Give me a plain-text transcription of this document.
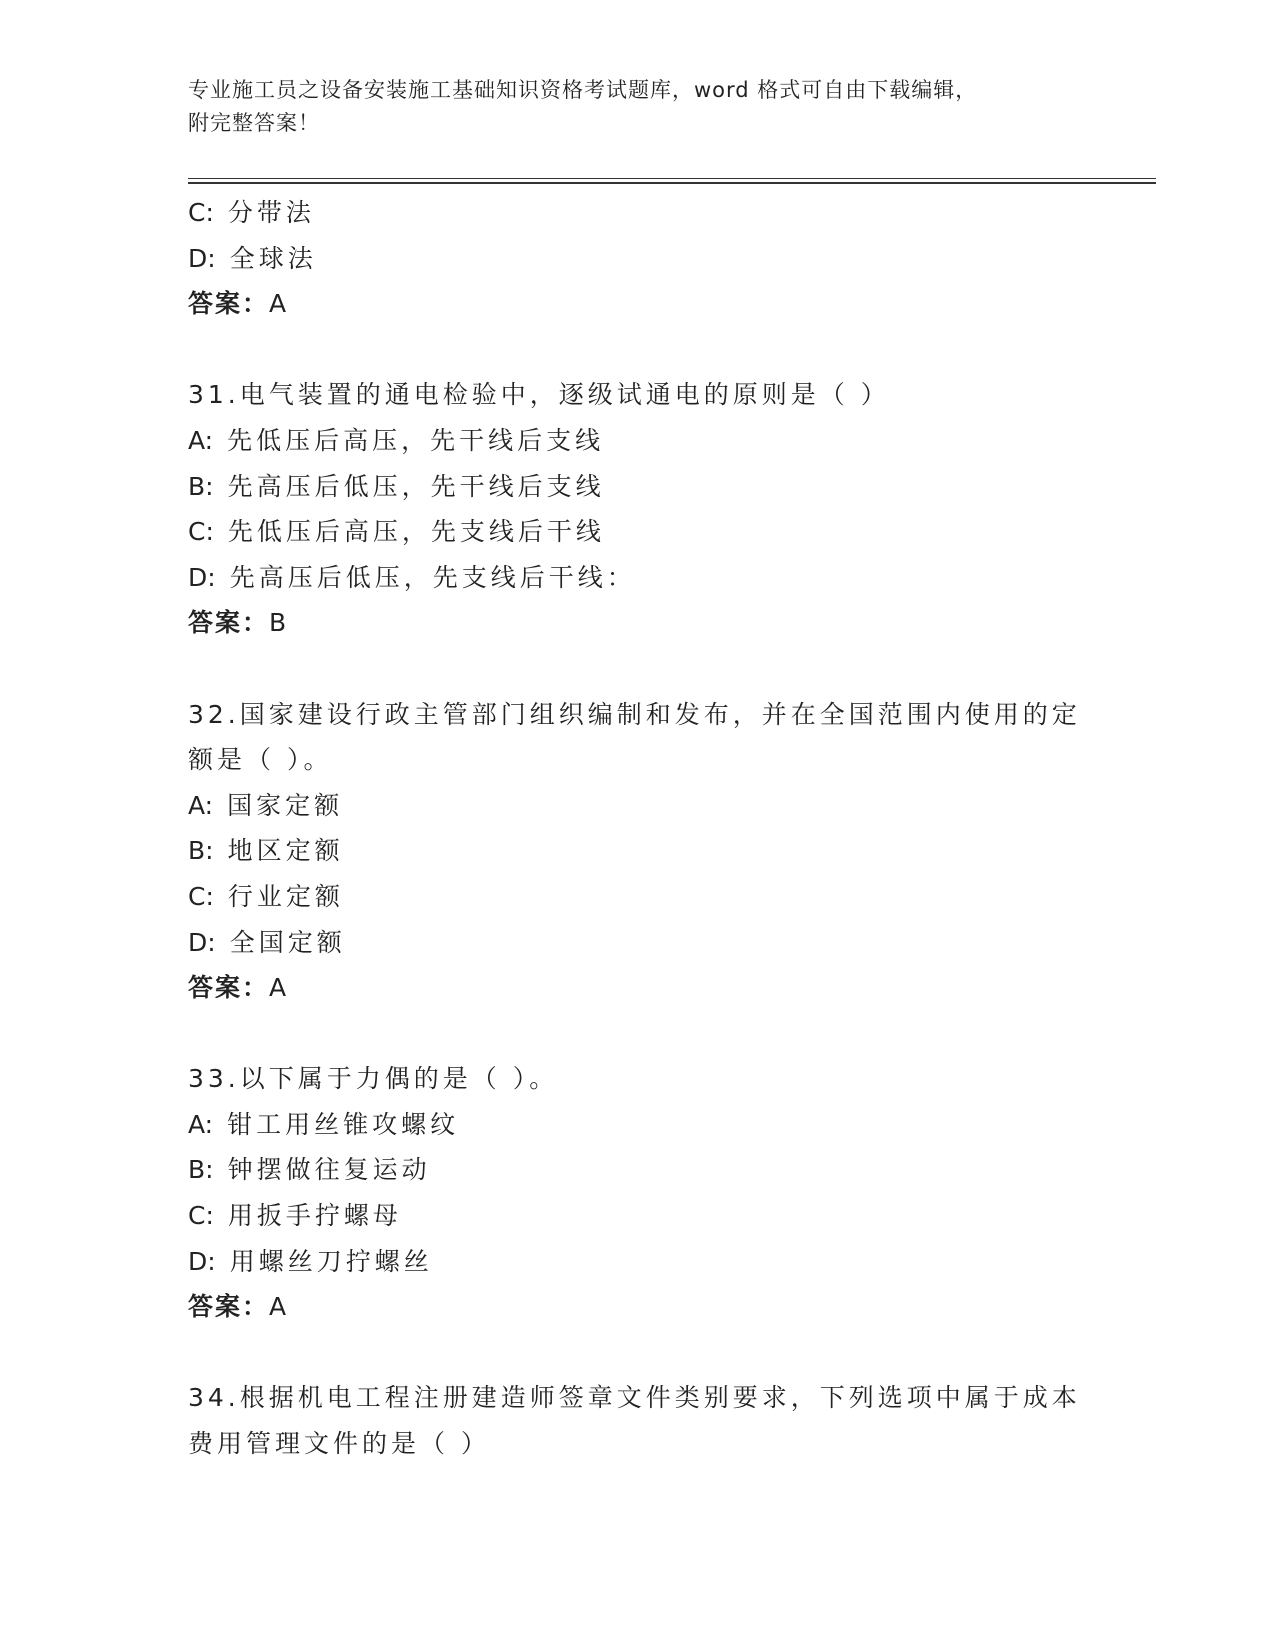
专业施工员之设备安装施工基础知识资格考试题库，word 格式可自由下载编辑，
附完整答案！
C: 分带法
D: 全球法
答案：A
31.电气装置的通电检验中，逐级试通电的原则是（ ）
A: 先低压后高压，先干线后支线
B: 先高压后低压，先干线后支线
C: 先低压后高压，先支线后干线
D: 先高压后低压，先支线后干线：
答案：B
32.国家建设行政主管部门组织编制和发布，并在全国范围内使用的定
额是（ ）。
A: 国家定额
B: 地区定额
C: 行业定额
D: 全国定额
答案：A
33.以下属于力偶的是（ ）。
A: 钳工用丝锥攻螺纹
B: 钟摆做往复运动
C: 用扳手拧螺母
D: 用螺丝刀拧螺丝
答案：A
34.根据机电工程注册建造师签章文件类别要求，下列选项中属于成本
费用管理文件的是（ ）
